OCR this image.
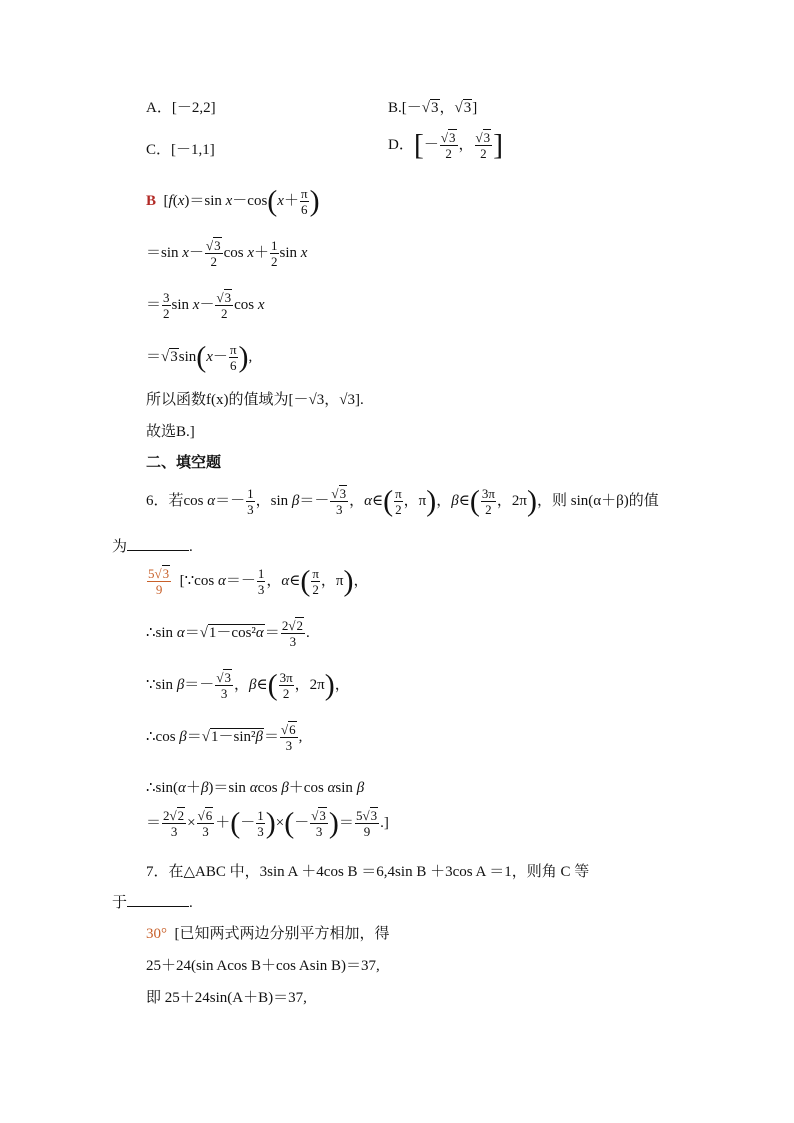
A．[－2,2]	B.[－√3，√3]
C．[－1,1]	D．[－ $\frac{√3}{2}$ ， $\frac{√3}{2}$ ]
B  [f(x)＝sin $x-\cos(x+ \frac{\pi}{6}$ )
＝sin $x- \frac{√3}{2}$ $\cos x+ \frac{1}{2}$ sin x
＝ $\frac{3}{2}$ $\sin x- \frac{√3}{2}$ cos x
$=√3\sin(x- \frac{\pi}{6}$ ),
所以函数f(x)的值域为[－√3，√3].
故选B.]
二、填空题
6．若$\cos \alpha=- \frac{1}{3}$ ，$\sin \beta=- \frac{√3}{3}$ ，α∈( $\frac{\pi}{2}$ ，π)，β∈( $\frac{3\pi}{2}$ ，2π)，则 sin(α＋β)的值
为	.
$\frac{5√3}{9}$ [∵cos $\alpha=- \frac{1}{3}$ ，α∈( $\frac{\pi}{2}$ ，π)，
∴sin $\alpha=√1-\cos^2\alpha= \frac{2√2}{3}$ .
∵sin $\beta=- \frac{√3}{3}$ ，β∈( $\frac{3\pi}{2}$ ，2π)，
∴cos $\beta=√1-\sin^2\beta= \frac{√6}{3}$ ,
∴sin(α＋β)＝sin αcos β＋cos αsin β
＝ $\frac{2√2}{3} \times \frac{√6}{3}$ ＋(－ $\frac{1}{3}$ )×(－ $\frac{√3}{3}$ )＝ $\frac{5√3}{9}$ .]
7．在△ABC 中，3sin A ＋4cos B ＝6,4sin B ＋3cos A ＝1，则角 C 等
于	.
30° [已知两式两边分别平方相加，得
25＋24(sin Acos B＋cos Asin B)＝37,
即 25＋24sin(A＋B)＝37,
